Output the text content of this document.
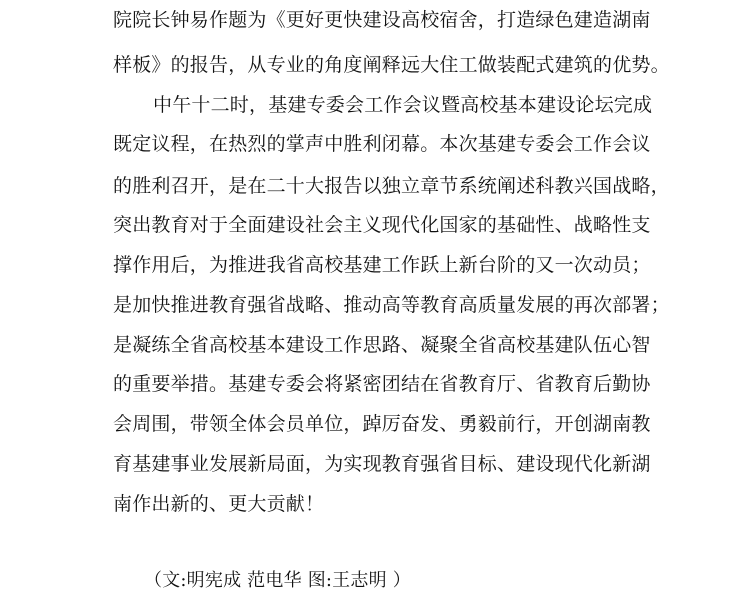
院院长钟易作题为《更好更快建设高校宿舍，打造绿色建造湖南
样板》的报告，从专业的角度阐释远大住工做装配式建筑的优势。
中午十二时，基建专委会工作会议暨高校基本建设论坛完成
既定议程，在热烈的掌声中胜利闭幕。本次基建专委会工作会议
的胜利召开，是在二十大报告以独立章节系统阐述科教兴国战略，
突出教育对于全面建设社会主义现代化国家的基础性、战略性支
撑作用后，为推进我省高校基建工作跃上新台阶的又一次动员；
是加快推进教育强省战略、推动高等教育高质量发展的再次部署；
是凝练全省高校基本建设工作思路、凝聚全省高校基建队伍心智
的重要举措。基建专委会将紧密团结在省教育厅、省教育后勤协
会周围，带领全体会员单位，踔厉奋发、勇毅前行，开创湖南教
育基建事业发展新局面，为实现教育强省目标、建设现代化新湖
南作出新的、更大贡献！
（文:明宪成 范电华 图:王志明 ）
